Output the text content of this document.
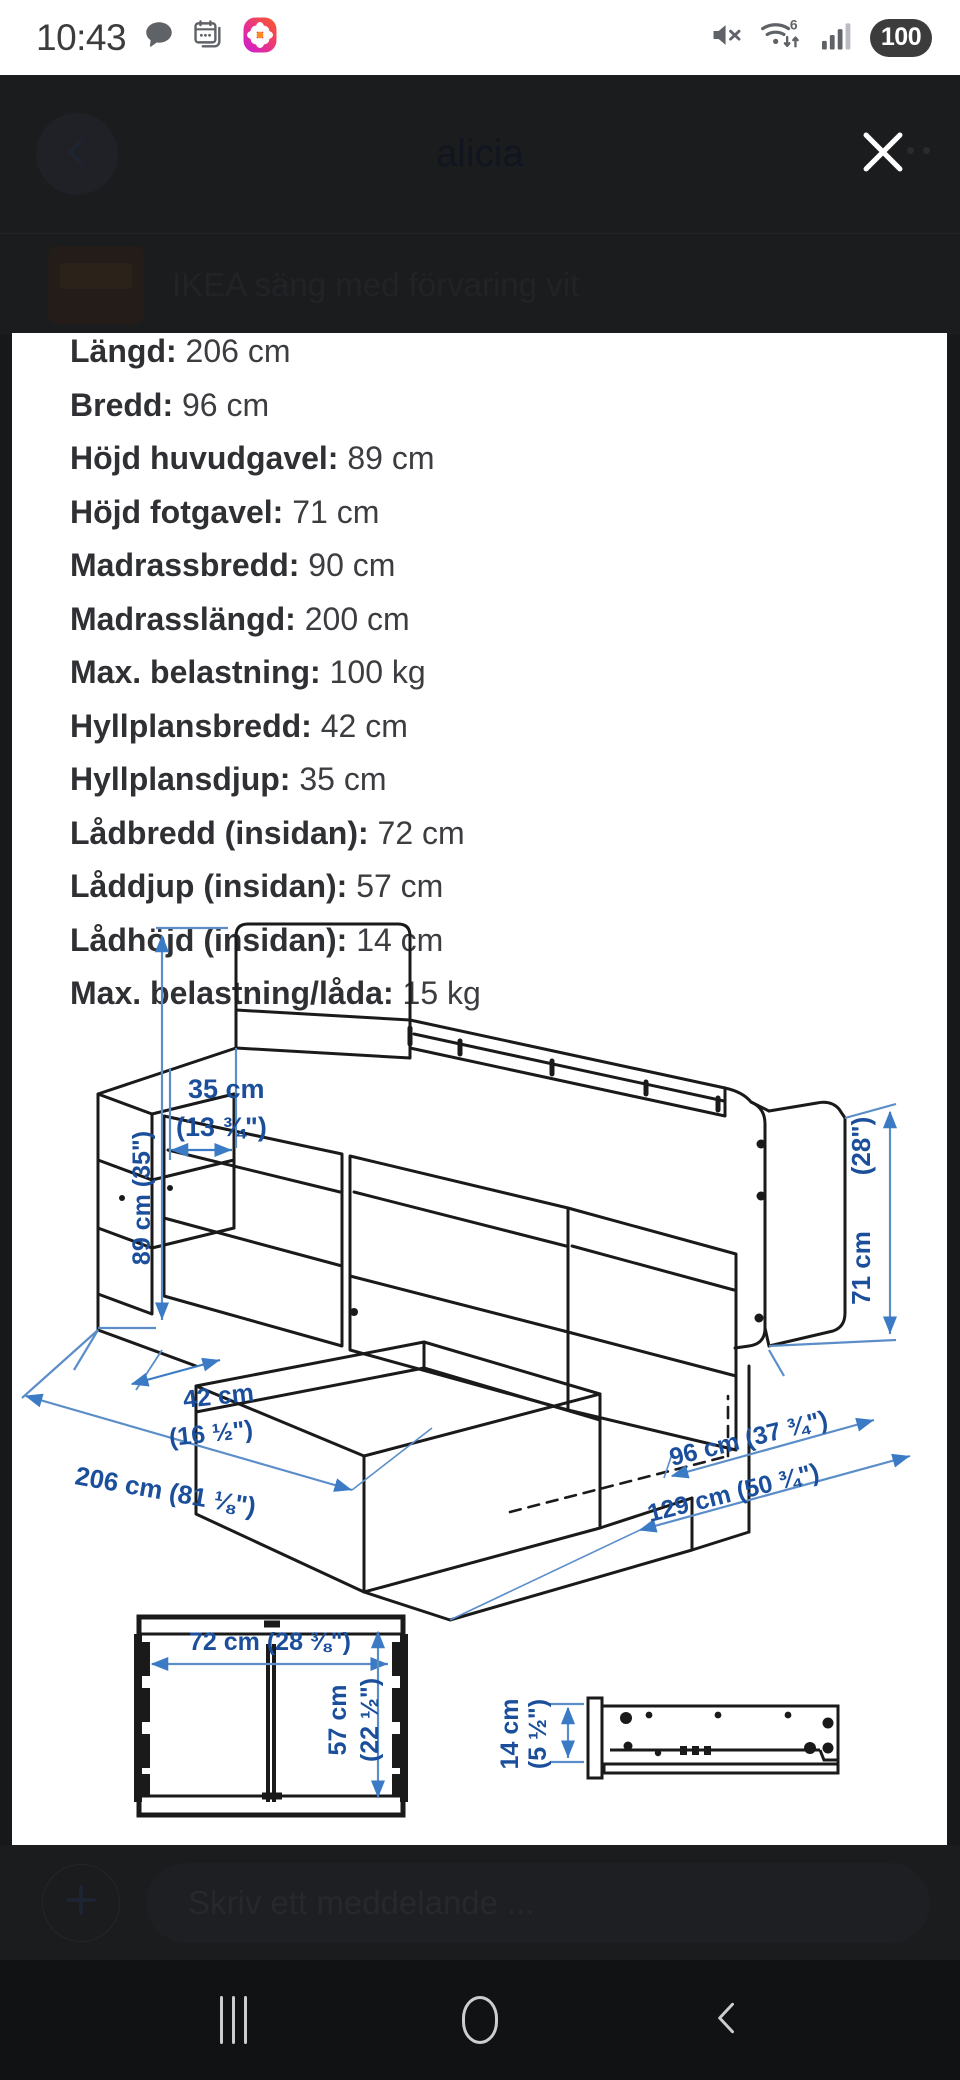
10:43	6	100
alicia
IKEA säng med förvaring vit
Längd: 206 cm
Bredd: 96 cm
Höjd huvudgavel: 89 cm
Höjd fotgavel: 71 cm
Madrassbredd: 90 cm
Madrasslängd: 200 cm
Max. belastning: 100 kg
Hyllplansbredd: 42 cm
Hyllplansdjup: 35 cm
Lådbredd (insidan): 72 cm
Låddjup (insidan): 57 cm
Lådhöjd (insidan): 14 cm
Max. belastning/låda: 15 kg
89 cm (35")
35 cm
(13 ¾")
42 cm
(16 ½")
206 cm (81 ⅛")
71 cm
(28")
96 cm (37 ¾")
129 cm (50 ¾")
72 cm (28 ⅜")
57 cm (22 ½")	14 cm (5 ½")
Skriv ett meddelande ...
